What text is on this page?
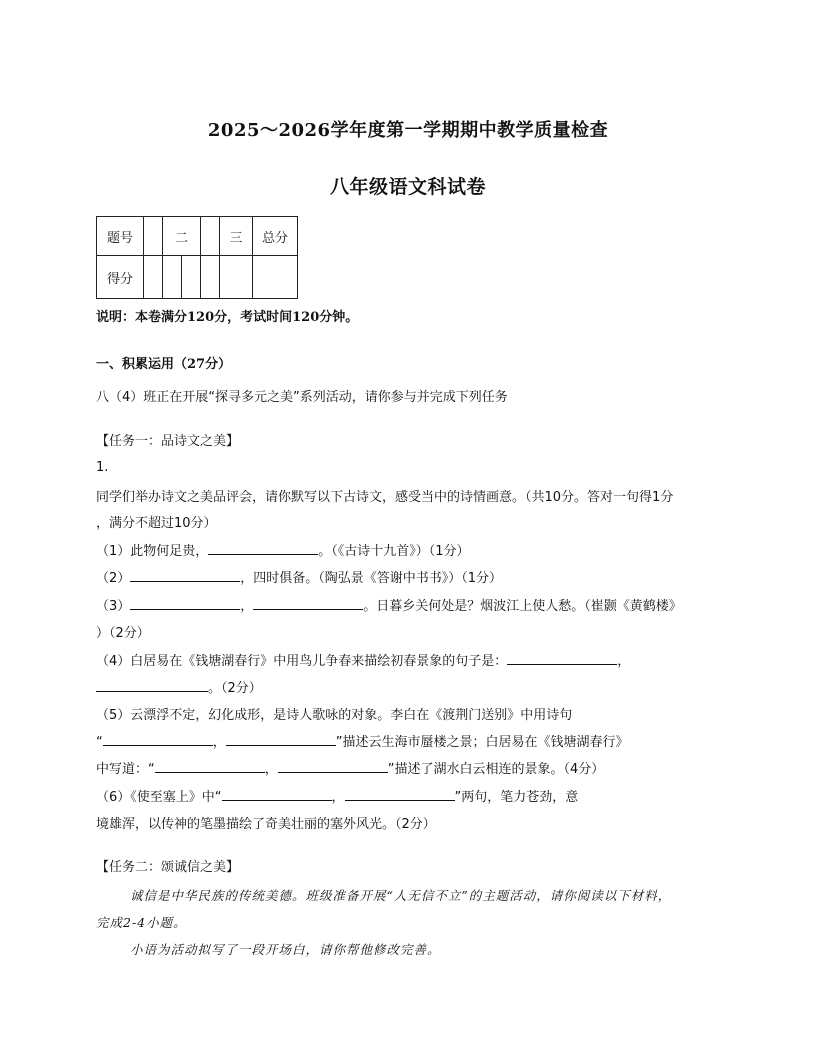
2025～2026学年度第一学期期中教学质量检查
八年级语文科试卷
题号		二			三	总分
得分						
说明：本卷满分120分，考试时间120分钟。
一、积累运用（27分）
八（4）班正在开展“探寻多元之美”系列活动，请你参与并完成下列任务
【任务一：品诗文之美】
1.
同学们举办诗文之美品评会，请你默写以下古诗文，感受当中的诗情画意。（共10分。答对一句得1分
，满分不超过10分）
（1）此物何足贵，	。（《古诗十九首》）（1分）
（2）	，四时俱备。（陶弘景《答谢中书书》）（1分）
（3）	，	。日暮乡关何处是？烟波江上使人愁。（崔颢《黄鹤楼》
）（2分）
（4）白居易在《钱塘湖春行》中用鸟儿争春来描绘初春景象的句子是：	，
。（2分）
（5）云漂浮不定，幻化成形，是诗人歌咏的对象。李白在《渡荆门送别》中用诗句
“	，	”描述云生海市蜃楼之景；白居易在《钱塘湖春行》
中写道：“	，	”描述了湖水白云相连的景象。（4分）
（6）《使至塞上》中“	，	”两句，笔力苍劲，意
境雄浑，以传神的笔墨描绘了奇美壮丽的塞外风光。（2分）
【任务二：颂诚信之美】
诚信是中华民族的传统美德。班级准备开展“人无信不立”的主题活动，请你阅读以下材料，
完成2-4小题。
小语为活动拟写了一段开场白，请你帮他修改完善。
